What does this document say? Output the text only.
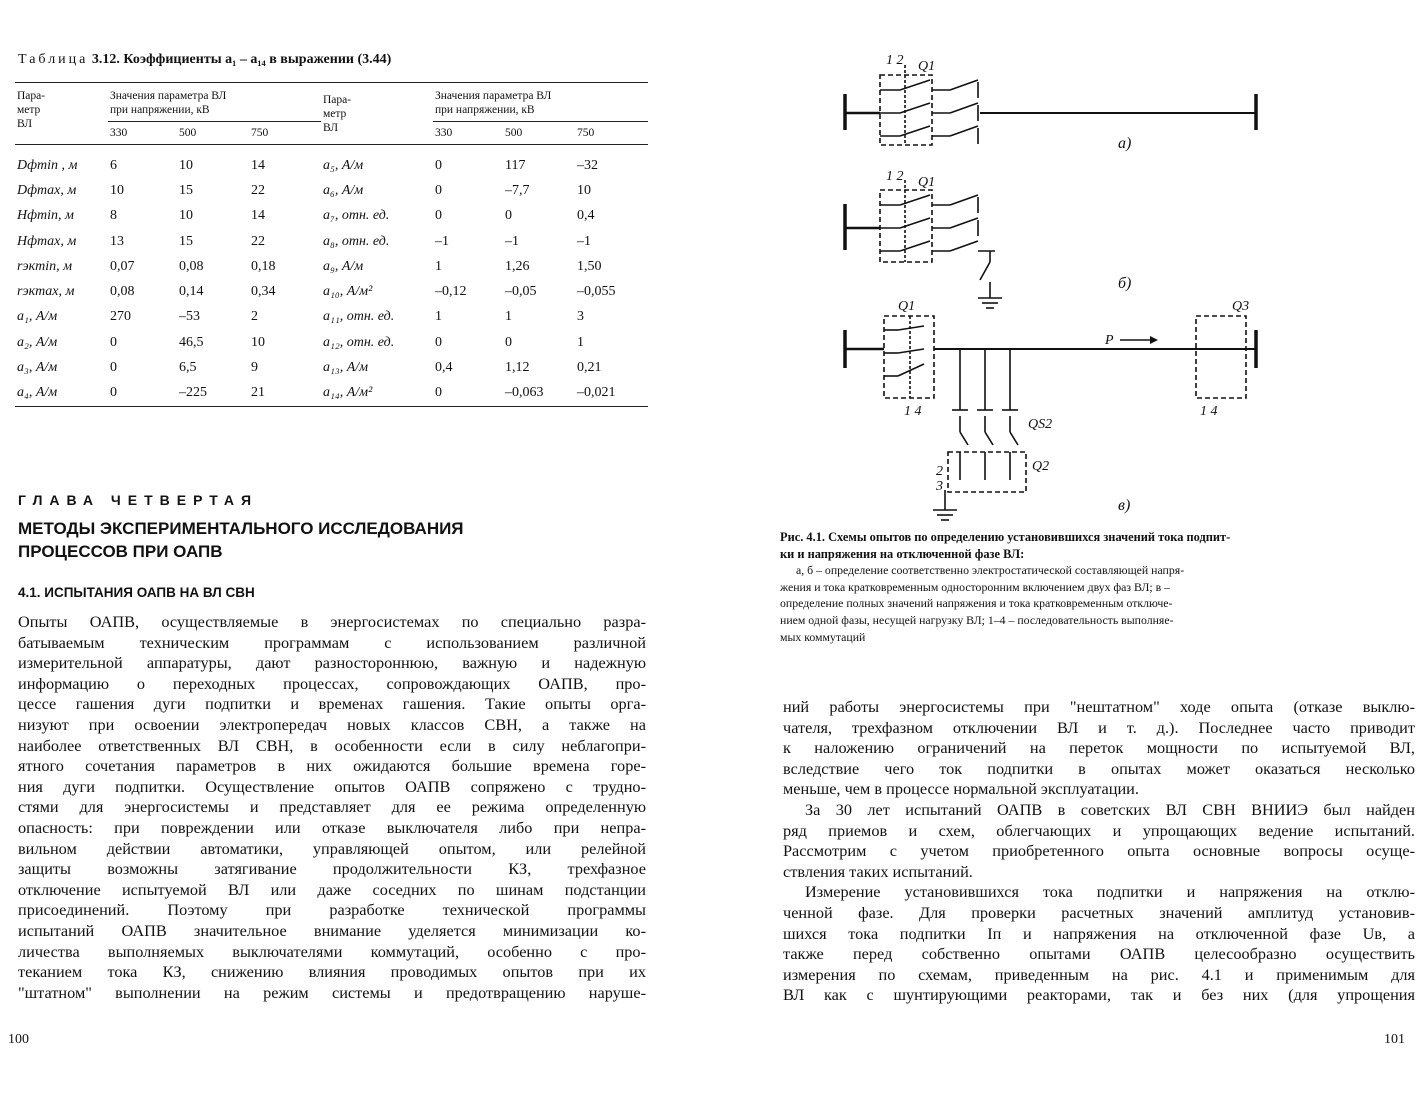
Таблица 3.12. Коэффициенты a₁ – a₁₄ в выражении (3.44)
Пара-
метр
ВЛ	Значения параметра ВЛ
при напряжении, кВ			Пара-
метр
ВЛ	Значения параметра ВЛ
при напряжении, кВ		
	330	500	750		330	500	750
Dфmin , м	6	10	14	a₅, А/м	0	117	–32
Dфmax, м	10	15	22	a₆, А/м	0	–7,7	10
Hфmin, м	8	10	14	a₇, отн. ед.	0	0	0,4
Hфmax, м	13	15	22	a₈, отн. ед.	–1	–1	–1
rэкmin, м	0,07	0,08	0,18	a₉, А/м	1	1,26	1,50
rэкmax, м	0,08	0,14	0,34	a₁₀, А/м²	–0,12	–0,05	–0,055
a₁, А/м	270	–53	2	a₁₁, отн. ед.	1	1	3
a₂, А/м	0	46,5	10	a₁₂, отн. ед.	0	0	1
a₃, А/м	0	6,5	9	a₁₃, А/м	0,4	1,12	0,21
a₄, А/м	0	–225	21	a₁₄, А/м²	0	–0,063	–0,021
ГЛАВА ЧЕТВЕРТАЯ
МЕТОДЫ ЭКСПЕРИМЕНТАЛЬНОГО ИССЛЕДОВАНИЯ
ПРОЦЕССОВ ПРИ ОАПВ
4.1. ИСПЫТАНИЯ ОАПВ НА ВЛ СВН
Опыты ОАПВ, осуществляемые в энергосистемах по специально разра-
батываемым техническим программам с использованием различной
измерительной аппаратуры, дают разностороннюю, важную и надежную
информацию о переходных процессах, сопровождающих ОАПВ, про-
цессе гашения дуги подпитки и временах гашения. Такие опыты орга-
низуют при освоении электропередач новых классов СВН, а также на
наиболее ответственных ВЛ СВН, в особенности если в силу неблагопри-
ятного сочетания параметров в них ожидаются большие времена горе-
ния дуги подпитки. Осуществление опытов ОАПВ сопряжено с трудно-
стями для энергосистемы и представляет для ее режима определенную
опасность: при повреждении или отказе выключателя либо при непра-
вильном действии автоматики, управляющей опытом, или релейной
защиты возможны затягивание продолжительности КЗ, трехфазное
отключение испытуемой ВЛ или даже соседних по шинам подстанции
присоединений. Поэтому при разработке технической программы
испытаний ОАПВ значительное внимание уделяется минимизации ко-
личества выполняемых выключателями коммутаций, особенно с про-
теканием тока КЗ, снижению влияния проводимых опытов при их
"штатном" выполнении на режим системы и предотвращению наруше-
100
1 2 Q1
а)
1 2 Q1
б)
Q1
1 4
P
Q3
1 4
QS2
Q2
2
3
в)
Рис. 4.1. Схемы опытов по определению установившихся значений тока подпит-
ки и напряжения на отключенной фазе ВЛ:
а, б – определение соответственно электростатической составляющей напря-
жения и тока кратковременным односторонним включением двух фаз ВЛ; в –
определение полных значений напряжения и тока кратковременным отключе-
нием одной фазы, несущей нагрузку ВЛ; 1–4 – последовательность выполняе-
мых коммутаций
ний работы энергосистемы при "нештатном" ходе опыта (отказе выклю-
чателя, трехфазном отключении ВЛ и т. д.). Последнее часто приводит
к наложению ограничений на переток мощности по испытуемой ВЛ,
вследствие чего ток подпитки в опытах может оказаться несколько
меньше, чем в процессе нормальной эксплуатации.
За 30 лет испытаний ОАПВ в советских ВЛ СВН ВНИИЭ был найден
ряд приемов и схем, облегчающих и упрощающих ведение испытаний.
Рассмотрим с учетом приобретенного опыта основные вопросы осуще-
ствления таких испытаний.
Измерение установившихся тока подпитки и напряжения на отклю-
ченной фазе. Для проверки расчетных значений амплитуд установив-
шихся тока подпитки Iп и напряжения на отключенной фазе Uв, а
также перед собственно опытами ОАПВ целесообразно осуществить
измерения по схемам, приведенным на рис. 4.1 и применимым для
ВЛ как с шунтирующими реакторами, так и без них (для упрощения
101
